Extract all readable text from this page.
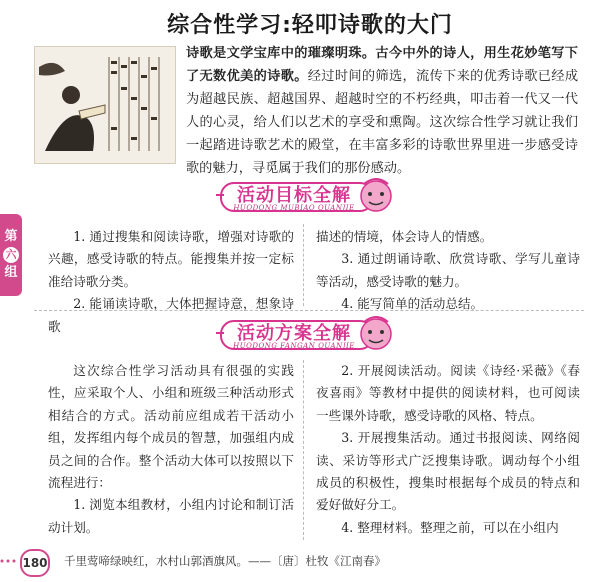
综合性学习:轻叩诗歌的大门
诗歌是文学宝库中的璀璨明珠。古今中外的诗人，用生花妙笔写下了无数优美的诗歌。经过时间的筛选，流传下来的优秀诗歌已经成为超越民族、超越国界、超越时空的不朽经典，叩击着一代又一代人的心灵，给人们以艺术的享受和熏陶。这次综合性学习就让我们一起踏进诗歌艺术的殿堂，在丰富多彩的诗歌世界里进一步感受诗歌的魅力，寻觅属于我们的那份感动。
第
六
组
活动目标全解
HUODONG MUBIAO QUANJIE

1. 通过搜集和阅读诗歌，增强对诗歌的兴趣，感受诗歌的特点。能搜集并按一定标准给诗歌分类。

2. 能诵读诗歌，大体把握诗意，想象诗歌

描述的情境，体会诗人的情感。

3. 通过朗诵诗歌、欣赏诗歌、学写儿童诗等活动，感受诗歌的魅力。

4. 能写简单的活动总结。

活动方案全解
HUODONG FANGAN QUANJIE

这次综合性学习活动具有很强的实践性，应采取个人、小组和班级三种活动形式相结合的方式。活动前应组成若干活动小组，发挥组内每个成员的智慧，加强组内成员之间的合作。整个活动大体可以按照以下流程进行：

1. 浏览本组教材，小组内讨论和制订活动计划。

2. 开展阅读活动。阅读《诗经·采薇》《春夜喜雨》等教材中提供的阅读材料，也可阅读一些课外诗歌，感受诗歌的风格、特点。

3. 开展搜集活动。通过书报阅读、网络阅读、采访等形式广泛搜集诗歌。调动每个小组成员的积极性，搜集时根据每个成员的特点和爱好做好分工。

4. 整理材料。整理之前，可以在小组内

180 千里莺啼绿映红，水村山郭酒旗风。——〔唐〕杜牧《江南春》
